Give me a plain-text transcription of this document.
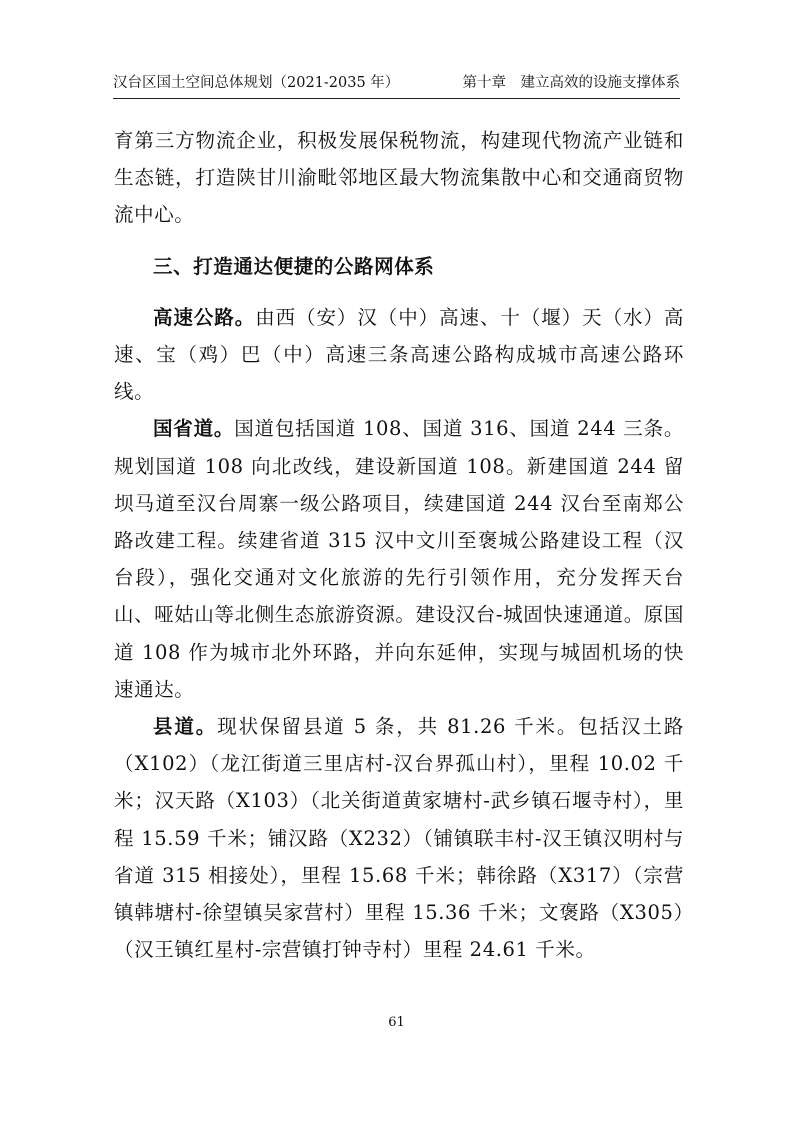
汉台区国土空间总体规划（2021-2035 年）	第十章　建立高效的设施支撑体系

育第三方物流企业，积极发展保税物流，构建现代物流产业链和生态链，打造陕甘川渝毗邻地区最大物流集散中心和交通商贸物流中心。

三、打造通达便捷的公路网体系

高速公路。由西（安）汉（中）高速、十（堰）天（水）高速、宝（鸡）巴（中）高速三条高速公路构成城市高速公路环线。

国省道。国道包括国道 108、国道 316、国道 244 三条。规划国道 108 向北改线，建设新国道 108。新建国道 244 留坝马道至汉台周寨一级公路项目，续建国道 244 汉台至南郑公路改建工程。续建省道 315 汉中文川至褒城公路建设工程（汉台段），强化交通对文化旅游的先行引领作用，充分发挥天台山、哑姑山等北侧生态旅游资源。建设汉台-城固快速通道。原国道 108 作为城市北外环路，并向东延伸，实现与城固机场的快速通达。

县道。现状保留县道 5 条，共 81.26 千米。包括汉土路（X102）（龙江街道三里店村-汉台界孤山村），里程 10.02 千米；汉天路（X103）（北关街道黄家塘村-武乡镇石堰寺村），里程 15.59 千米；铺汉路（X232）（铺镇联丰村-汉王镇汉明村与省道 315 相接处），里程 15.68 千米；韩徐路（X317）（宗营镇韩塘村-徐望镇吴家营村）里程 15.36 千米；文褒路（X305）（汉王镇红星村-宗营镇打钟寺村）里程 24.61 千米。

61
